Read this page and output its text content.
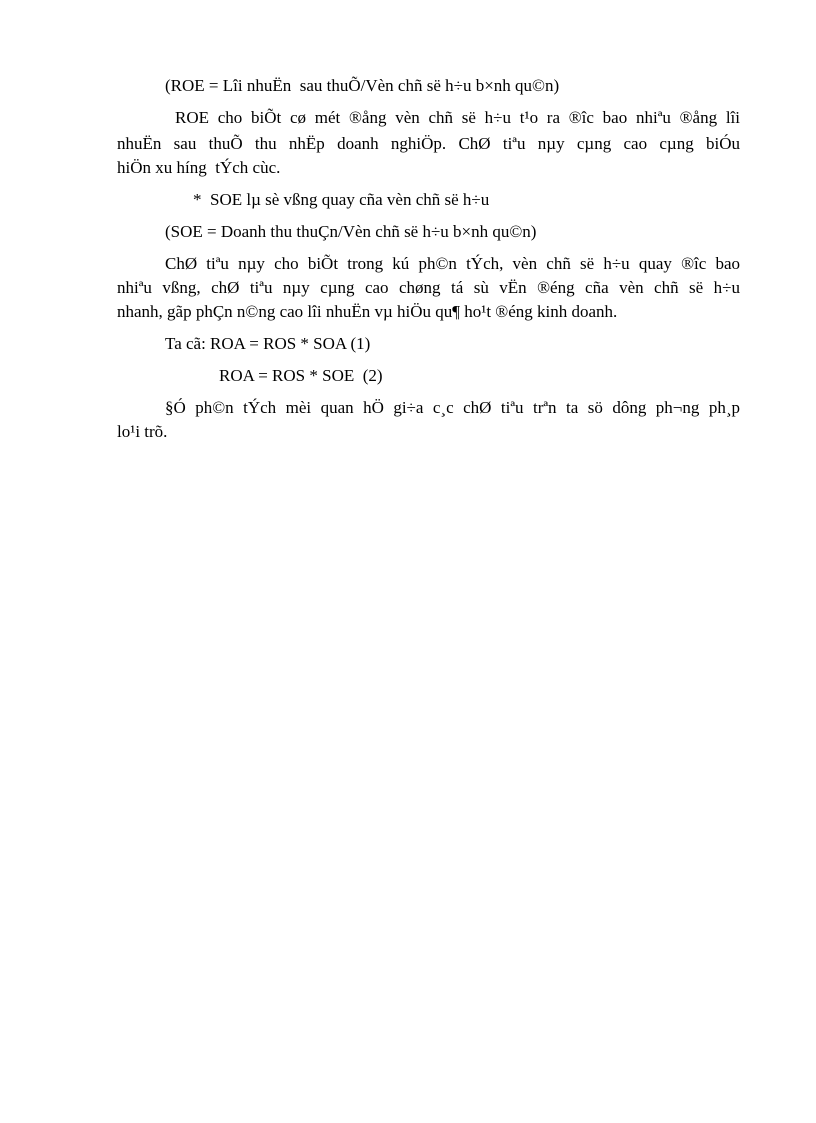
(ROE = Lîi nhuËn  sau thuÕ/Vèn chñ së h÷u b×nh qu©n)
ROE cho biÕt cø mét ®ång vèn chñ së h÷u t¹o ra ®îc bao nhiªu ®ång lîi
nhuËn sau thuÕ thu nhËp doanh nghiÖp. ChØ tiªu nµy cµng cao cµng biÓu
hiÖn xu híng  tÝch cùc.
*  SOE lµ sè vßng quay cña vèn chñ së h÷u
(SOE = Doanh thu thuÇn/Vèn chñ së h÷u b×nh qu©n)
ChØ tiªu nµy cho biÕt trong kú ph©n tÝch, vèn chñ së h÷u quay ®îc bao
nhiªu vßng, chØ tiªu nµy cµng cao chøng tá sù vËn ®éng cña vèn chñ së h÷u
nhanh, gãp phÇn n©ng cao lîi nhuËn vµ hiÖu qu¶ ho¹t ®éng kinh doanh.
Ta cã: ROA = ROS * SOA (1)
ROA = ROS * SOE  (2)
§Ó ph©n tÝch mèi quan hÖ gi÷a c¸c chØ tiªu trªn ta sö dông ph¬ng ph¸p
lo¹i trõ.
